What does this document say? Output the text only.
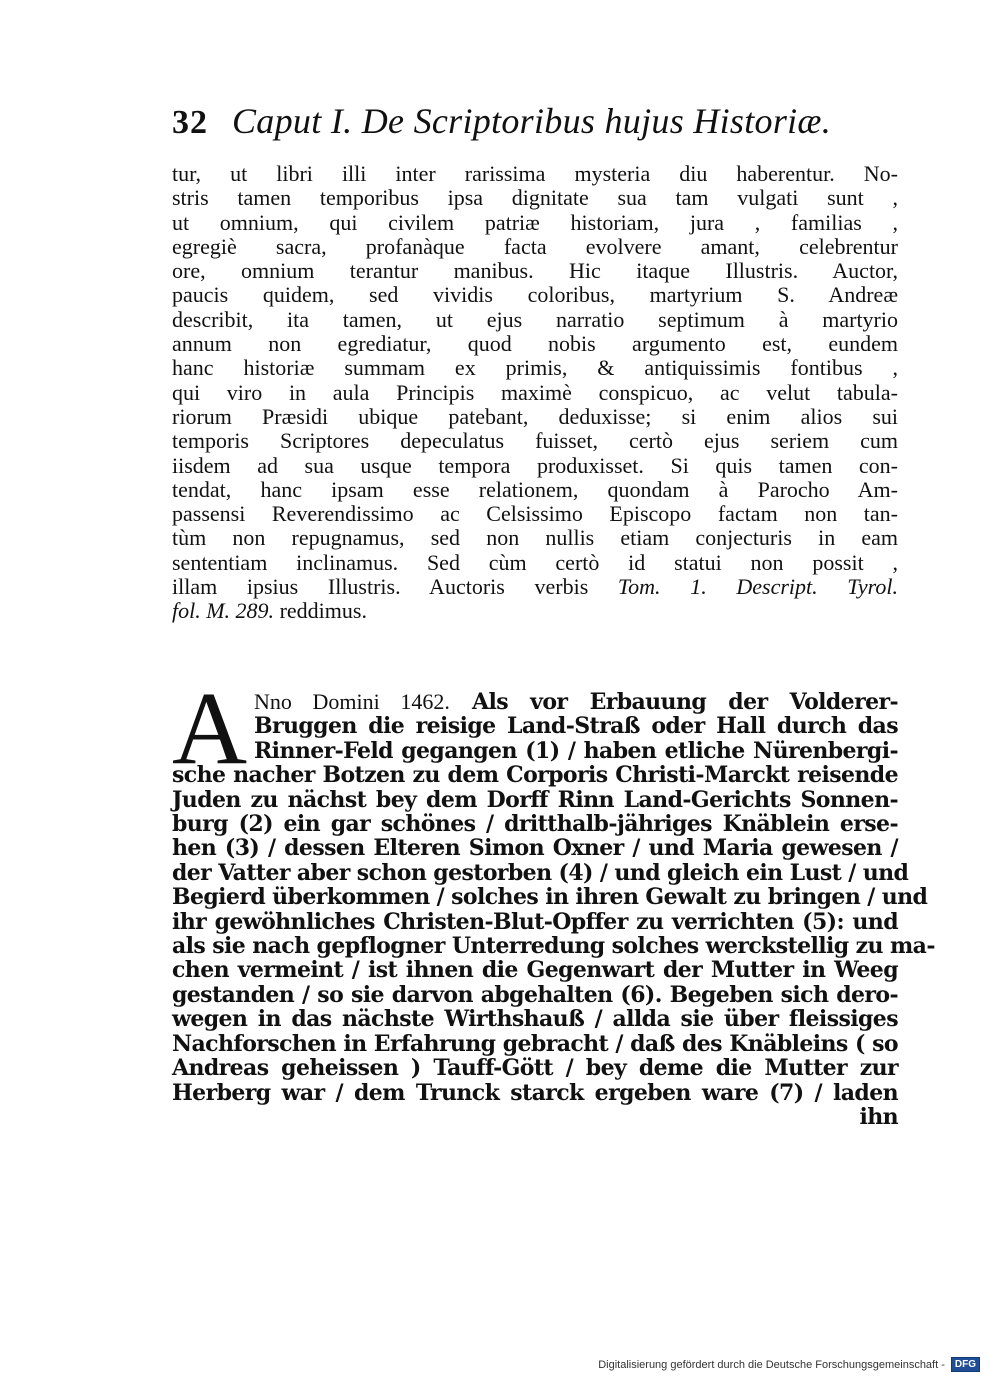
32 Caput I. De Scriptoribus hujus Historiæ.
tur, ut libri illi inter rarissima mysteria diu haberentur. No-
stris tamen temporibus ipsa dignitate sua tam vulgati sunt ,
ut omnium, qui civilem patriæ historiam, jura , familias ,
egregiè sacra, profanàque facta evolvere amant, celebrentur
ore, omnium terantur manibus. Hic itaque Illustris. Auctor,
paucis quidem, sed vividis coloribus, martyrium S. Andreæ
describit, ita tamen, ut ejus narratio septimum à martyrio
annum non egrediatur, quod nobis argumento est, eundem
hanc historiæ summam ex primis, & antiquissimis fontibus ,
qui viro in aula Principis maximè conspicuo, ac velut tabula-
riorum Præsidi ubique patebant, deduxisse; si enim alios sui
temporis Scriptores depeculatus fuisset, certò ejus seriem cum
iisdem ad sua usque tempora produxisset. Si quis tamen con-
tendat, hanc ipsam esse relationem, quondam à Parocho Am-
passensi Reverendissimo ac Celsissimo Episcopo factam non tan-
tùm non repugnamus, sed non nullis etiam conjecturis in eam
sententiam inclinamus. Sed cùm certò id statui non possit ,
illam ipsius Illustris. Auctoris verbis Tom. 1. Descript. Tyrol.
fol. M. 289. reddimus.
A Nno Domini 1462. Als vor Erbauung der Volderer-
Bruggen die reisige Land-Straß oder Hall durch das
Rinner-Feld gegangen (1) / haben etliche Nürenbergi-
sche nacher Botzen zu dem Corporis Christi-Marckt reisende
Juden zu nächst bey dem Dorff Rinn Land-Gerichts Sonnen-
burg (2) ein gar schönes / dritthalb-jähriges Knäblein erse-
hen (3) / dessen Elteren Simon Oxner / und Maria gewesen /
der Vatter aber schon gestorben (4) / und gleich ein Lust / und
Begierd überkommen / solches in ihren Gewalt zu bringen / und
ihr gewöhnliches Christen-Blut-Opffer zu verrichten (5): und
als sie nach gepflogner Unterredung solches werckstellig zu ma-
chen vermeint / ist ihnen die Gegenwart der Mutter in Weeg
gestanden / so sie darvon abgehalten (6). Begeben sich dero-
wegen in das nächste Wirthshauß / allda sie über fleissiges
Nachforschen in Erfahrung gebracht / daß des Knäbleins ( so
Andreas geheissen ) Tauff-Gött / bey deme die Mutter zur
Herberg war / dem Trunck starck ergeben ware (7) / laden
ihn
Digitalisierung gefördert durch die Deutsche Forschungsgemeinschaft -	DFG
